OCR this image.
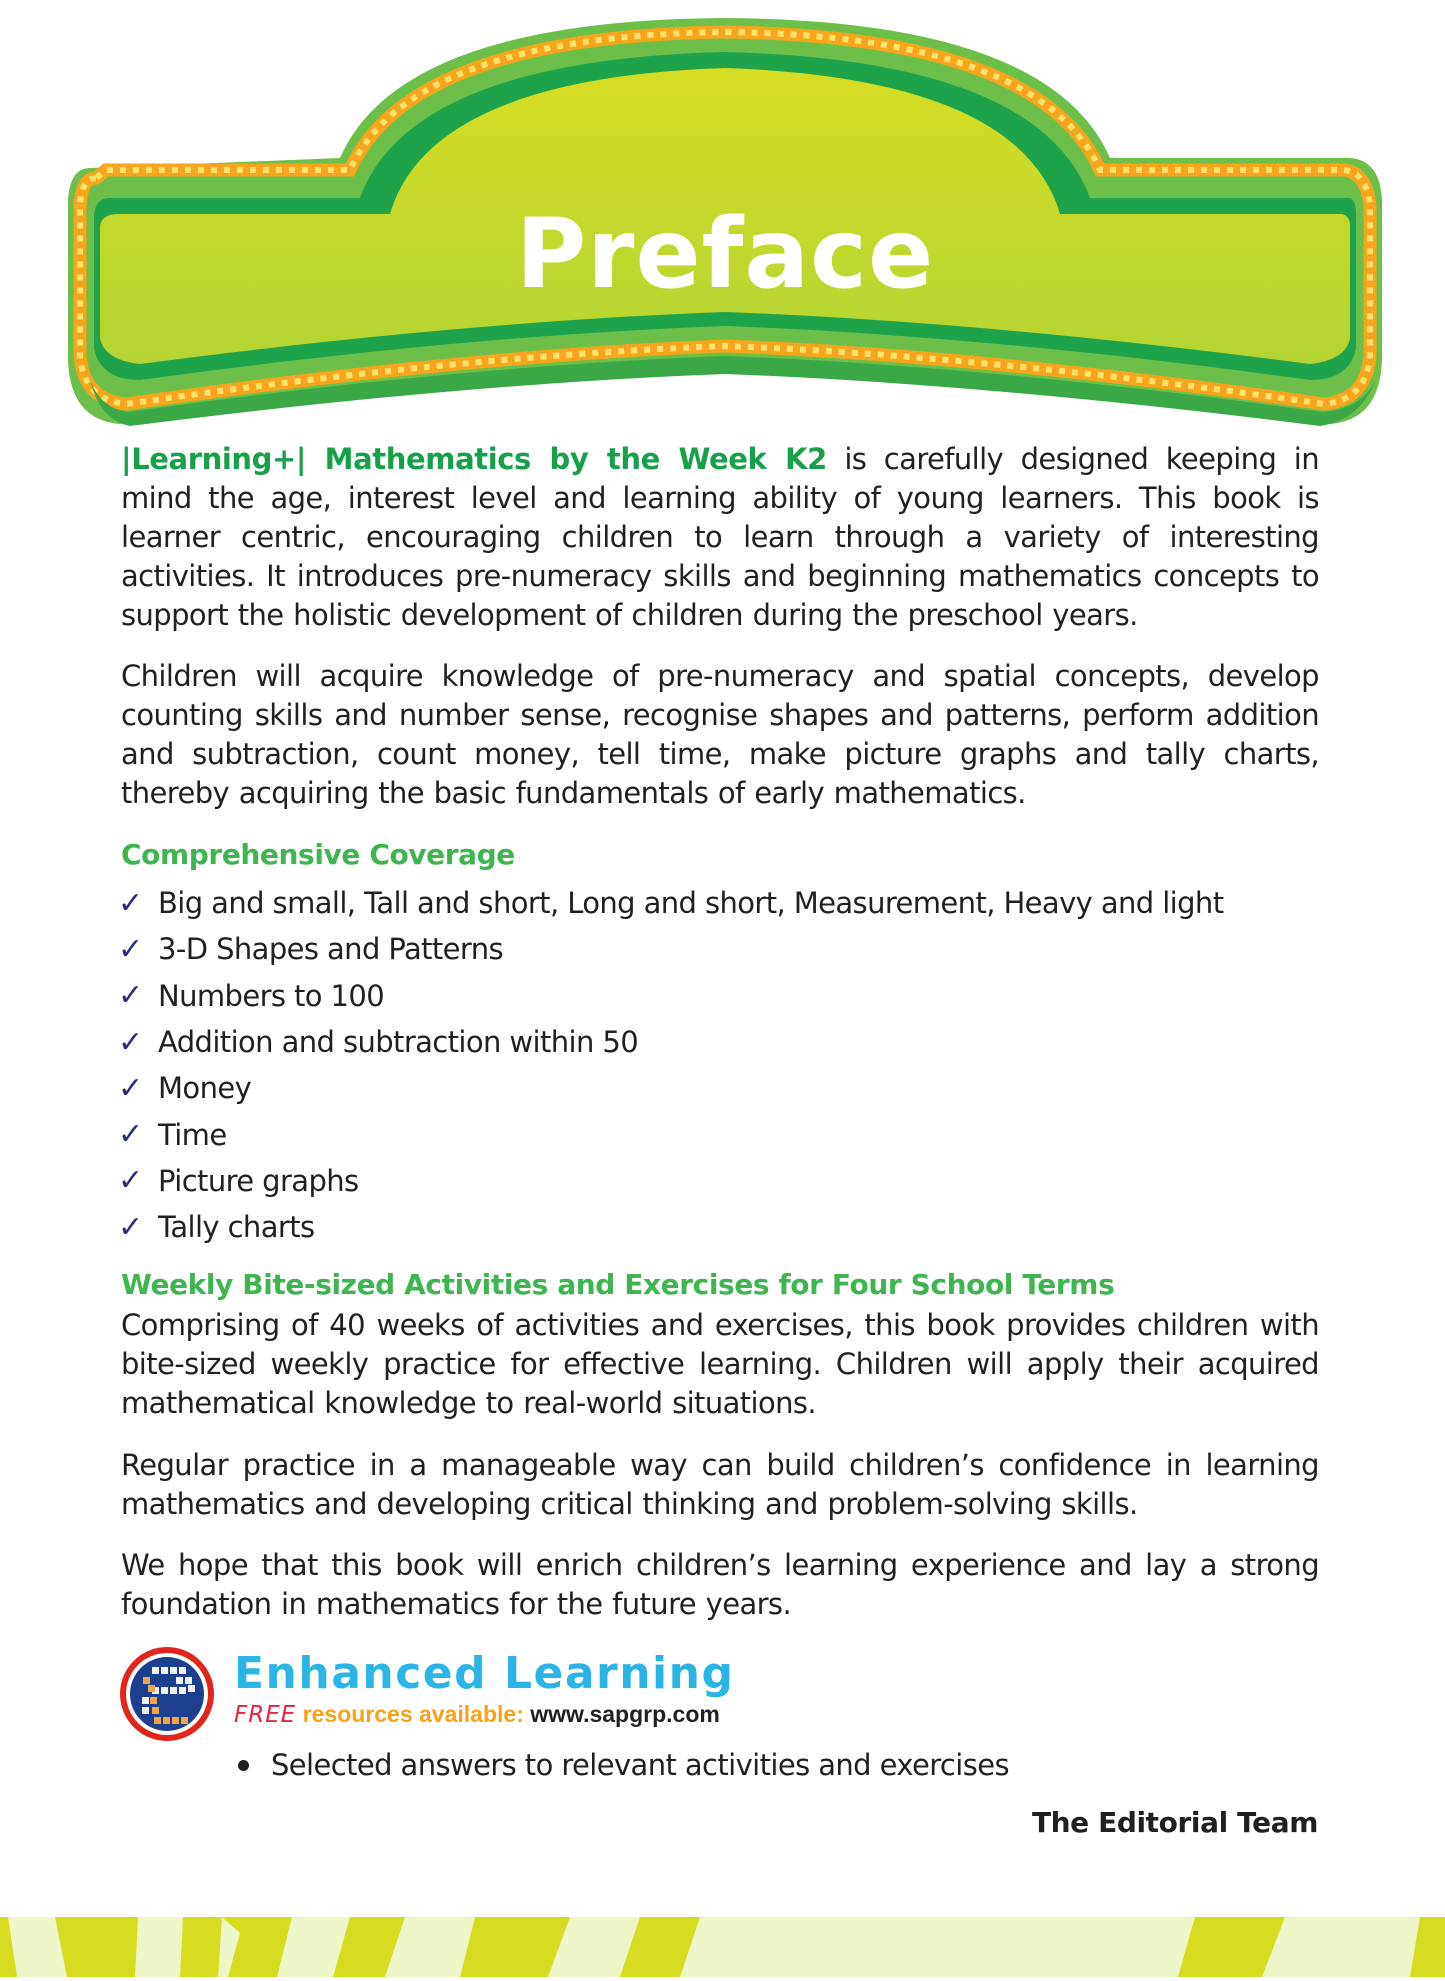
Preface

|Learning+| Mathematics by the Week K2 is carefully designed keeping in mind the age, interest level and learning ability of young learners. This book is learner centric, encouraging children to learn through a variety of interesting activities. It introduces pre-numeracy skills and beginning mathematics concepts to support the holistic development of children during the preschool years.

Children will acquire knowledge of pre-numeracy and spatial concepts, develop counting skills and number sense, recognise shapes and patterns, perform addition and subtraction, count money, tell time, make picture graphs and tally charts, thereby acquiring the basic fundamentals of early mathematics.

Comprehensive Coverage
✓ Big and small, Tall and short, Long and short, Measurement, Heavy and light
✓ 3-D Shapes and Patterns
✓ Numbers to 100
✓ Addition and subtraction within 50
✓ Money
✓ Time
✓ Picture graphs
✓ Tally charts
Weekly Bite-sized Activities and Exercises for Four School Terms

Comprising of 40 weeks of activities and exercises, this book provides children with bite-sized weekly practice for effective learning. Children will apply their acquired mathematical knowledge to real-world situations.

Regular practice in a manageable way can build children’s confidence in learning mathematics and developing critical thinking and problem-solving skills.

We hope that this book will enrich children’s learning experience and lay a strong foundation in mathematics for the future years.

Enhanced Learning
FREE resources available: www.sapgrp.com
Selected answers to relevant activities and exercises
The Editorial Team
